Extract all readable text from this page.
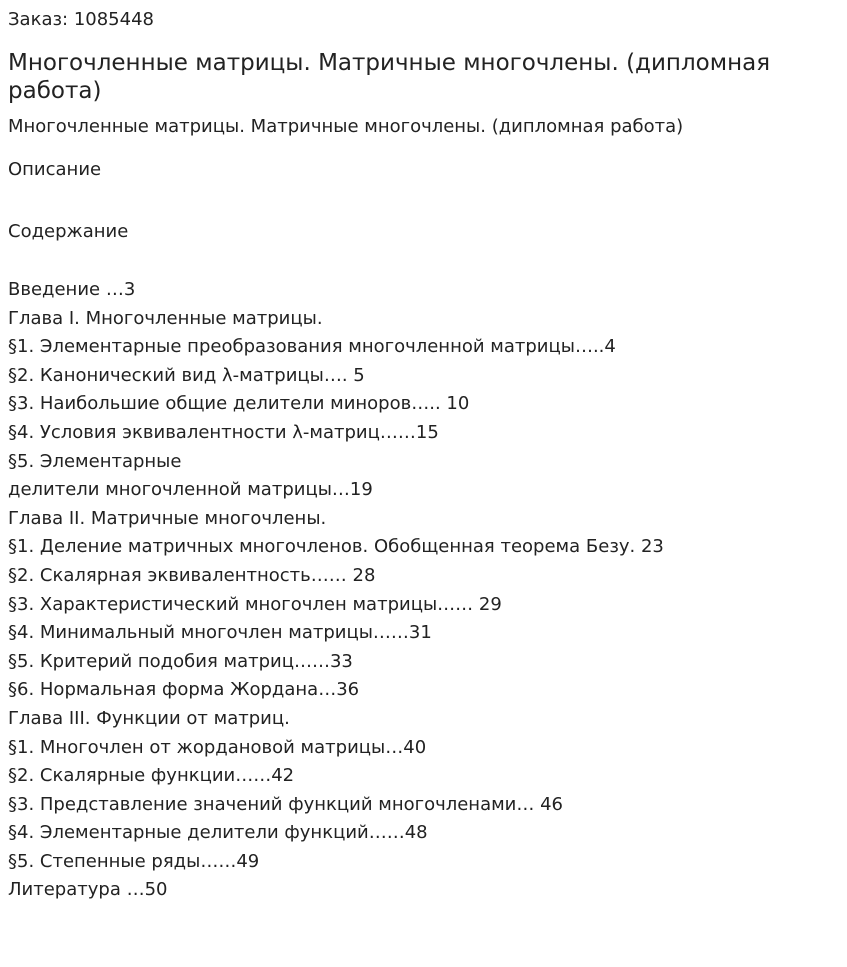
Заказ: 1085448
Многочленные матрицы. Матричные многочлены. (дипломная работа)
Многочленные матрицы. Матричные многочлены. (дипломная работа)
Описание
Содержание
Введение …3
Глава I. Многочленные матрицы.
§1. Элементарные преобразования многочленной матрицы…..4
§2. Канонический вид λ-матрицы…. 5
§3. Наибольшие общие делители миноров….. 10
§4. Условия эквивалентности λ-матриц……15
§5. Элементарные
делители многочленной матрицы…19
Глава II. Матричные многочлены.
§1. Деление матричных многочленов. Обобщенная теорема Безу. 23
§2. Скалярная эквивалентность…… 28
§3. Характеристический многочлен матрицы…… 29
§4. Минимальный многочлен матрицы……31
§5. Критерий подобия матриц……33
§6. Нормальная форма Жордана…36
Глава III. Функции от матриц.
§1. Многочлен от жордановой матрицы…40
§2. Скалярные функции……42
§3. Представление значений функций многочленами… 46
§4. Элементарные делители функций……48
§5. Степенные ряды……49
Литература …50
